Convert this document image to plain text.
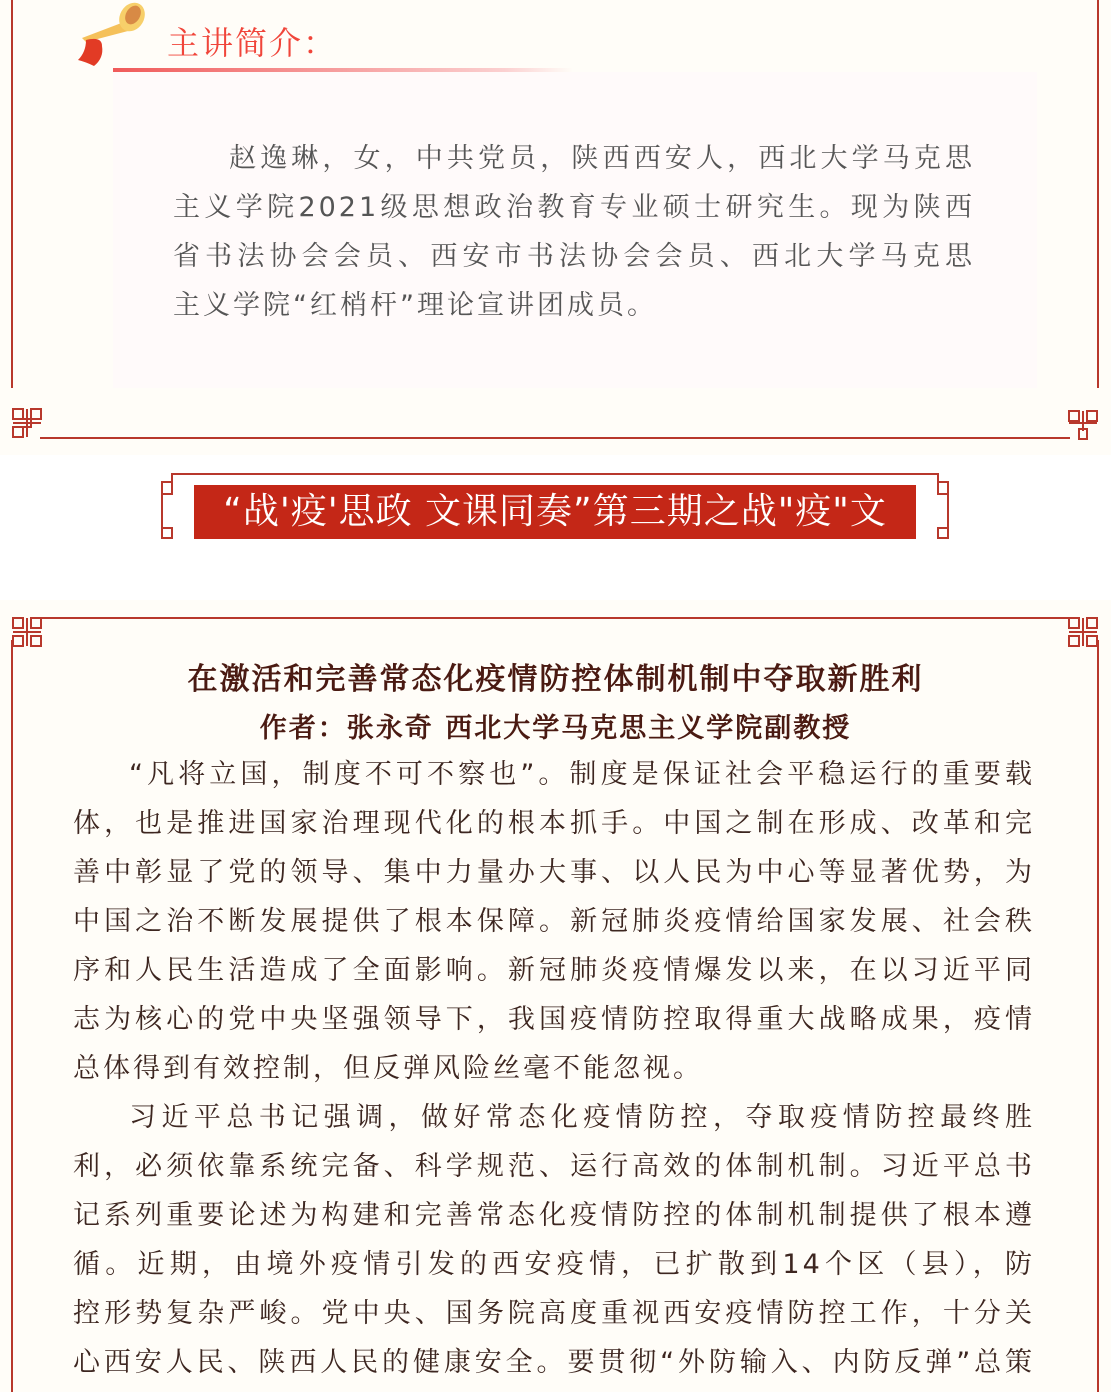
主讲简介：
赵逸琳，女，中共党员，陕西西安人，西北大学马克思
主义学院2021级思想政治教育专业硕士研究生。现为陕西
省书法协会会员、西安市书法协会会员、西北大学马克思
主义学院“红梢杆”理论宣讲团成员。
“战'疫'思政 文课同奏”第三期之战"疫"文
在激活和完善常态化疫情防控体制机制中夺取新胜利
作者：张永奇 西北大学马克思主义学院副教授

“凡将立国，制度不可不察也”。制度是保证社会平稳运行的重要载
体，也是推进国家治理现代化的根本抓手。中国之制在形成、改革和完
善中彰显了党的领导、集中力量办大事、以人民为中心等显著优势，为
中国之治不断发展提供了根本保障。新冠肺炎疫情给国家发展、社会秩
序和人民生活造成了全面影响。新冠肺炎疫情爆发以来，在以习近平同
志为核心的党中央坚强领导下，我国疫情防控取得重大战略成果，疫情
总体得到有效控制，但反弹风险丝毫不能忽视。

习近平总书记强调，做好常态化疫情防控，夺取疫情防控最终胜
利，必须依靠系统完备、科学规范、运行高效的体制机制。习近平总书
记系列重要论述为构建和完善常态化疫情防控的体制机制提供了根本遵
循。近期，由境外疫情引发的西安疫情，已扩散到14个区（县），防
控形势复杂严峻。党中央、国务院高度重视西安疫情防控工作，十分关
心西安人民、陕西人民的健康安全。要贯彻“外防输入、内防反弹”总策
